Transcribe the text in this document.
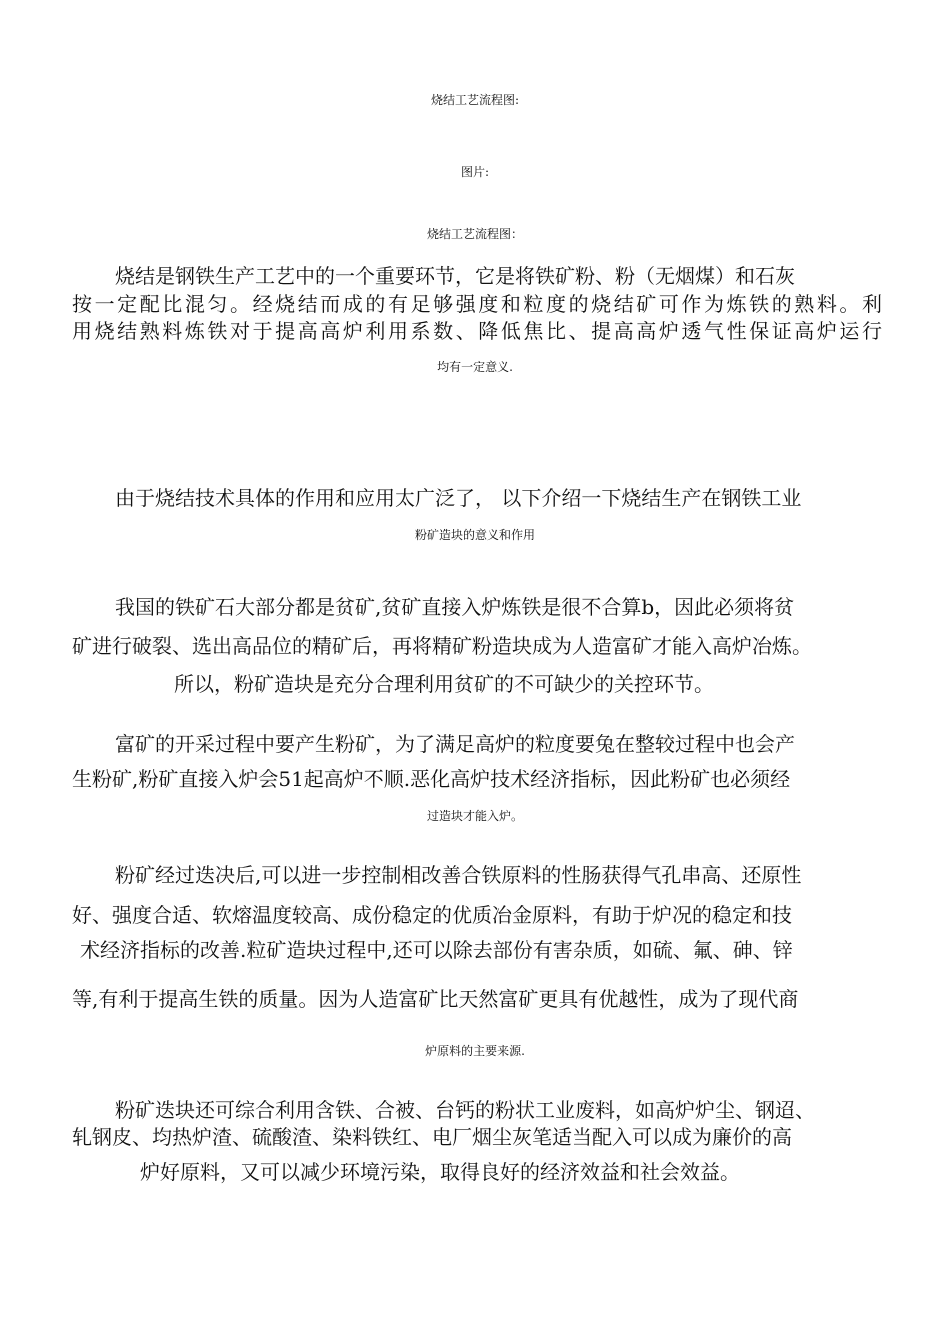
烧结工艺流程图:
图片:
烧结工艺流程图：
烧结是钢铁生产工艺中的一个重要环节，它是将铁矿粉、粉（无烟煤）和石灰
按一定配比混匀。经烧结而成的有足够强度和粒度的烧结矿可作为炼铁的熟料。利
用烧结熟料炼铁对于提高高炉利用系数、降低焦比、提高高炉透气性保证高炉运行
均有一定意义.
由于烧结技术具体的作用和应用太广泛了， 以下介绍一下烧结生产在钢铁工业
粉矿造块的意义和作用
我国的铁矿石大部分都是贫矿,贫矿直接入炉炼铁是很不合算b，因此必须将贫
矿进行破裂、选出高品位的精矿后，再将精矿粉造块成为人造富矿才能入高炉冶炼。
所以，粉矿造块是充分合理利用贫矿的不可缺少的关控环节。
富矿的开采过程中要产生粉矿，为了满足高炉的粒度要兔在整较过程中也会产
生粉矿,粉矿直接入炉会51起高炉不顺.恶化高炉技术经济指标，因此粉矿也必须经
过造块才能入炉。
粉矿经过迭决后,可以进一步控制相改善合铁原料的性肠获得气孔串高、还原性
好、强度合适、软熔温度较高、成份稳定的优质冶金原料，有助于炉况的稳定和技
术经济指标的改善.粒矿造块过程中,还可以除去部份有害杂质，如硫、氟、砷、锌
等,有利于提高生铁的质量。因为人造富矿比天然富矿更具有优越性，成为了现代商
炉原料的主要来源.
粉矿迭块还可综合利用含铁、合被、台钙的粉状工业废料，如高炉炉尘、钢迢、
轧钢皮、均热炉渣、硫酸渣、染料铁红、电厂烟尘灰笔适当配入可以成为廉价的高
炉好原料，又可以减少环境污染，取得良好的经济效益和社会效益。
